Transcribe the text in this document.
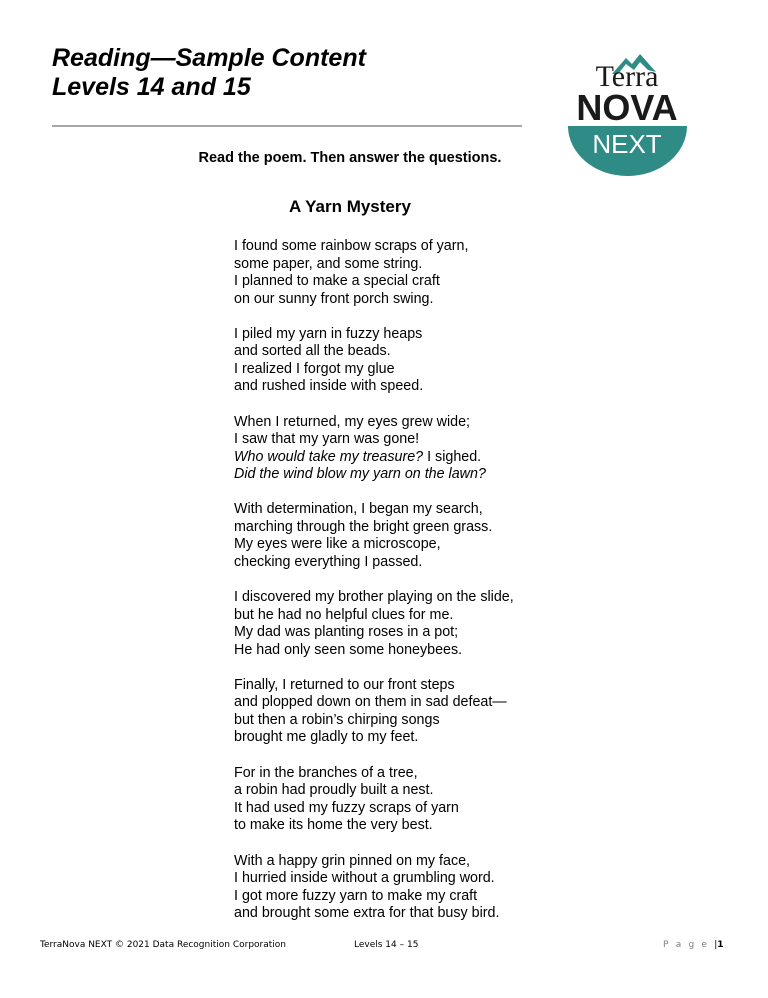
Reading—Sample Content
Levels 14 and 15	Terra
NOVA
NEXT
Read the poem. Then answer the questions.
A Yarn Mystery
I found some rainbow scraps of yarn,
some paper, and some string.
I planned to make a special craft
on our sunny front porch swing.
I piled my yarn in fuzzy heaps
and sorted all the beads.
I realized I forgot my glue
and rushed inside with speed.
When I returned, my eyes grew wide;
I saw that my yarn was gone!
Who would take my treasure? I sighed.
Did the wind blow my yarn on the lawn?
With determination, I began my search,
marching through the bright green grass.
My eyes were like a microscope,
checking everything I passed.
I discovered my brother playing on the slide,
but he had no helpful clues for me.
My dad was planting roses in a pot;
He had only seen some honeybees.
Finally, I returned to our front steps
and plopped down on them in sad defeat—
but then a robin’s chirping songs
brought me gladly to my feet.
For in the branches of a tree,
a robin had proudly built a nest.
It had used my fuzzy scraps of yarn
to make its home the very best.
With a happy grin pinned on my face,
I hurried inside without a grumbling word.
I got more fuzzy yarn to make my craft
and brought some extra for that busy bird.
TerraNova NEXT © 2021 Data Recognition Corporation	Levels 14 – 15	P a g e |1
